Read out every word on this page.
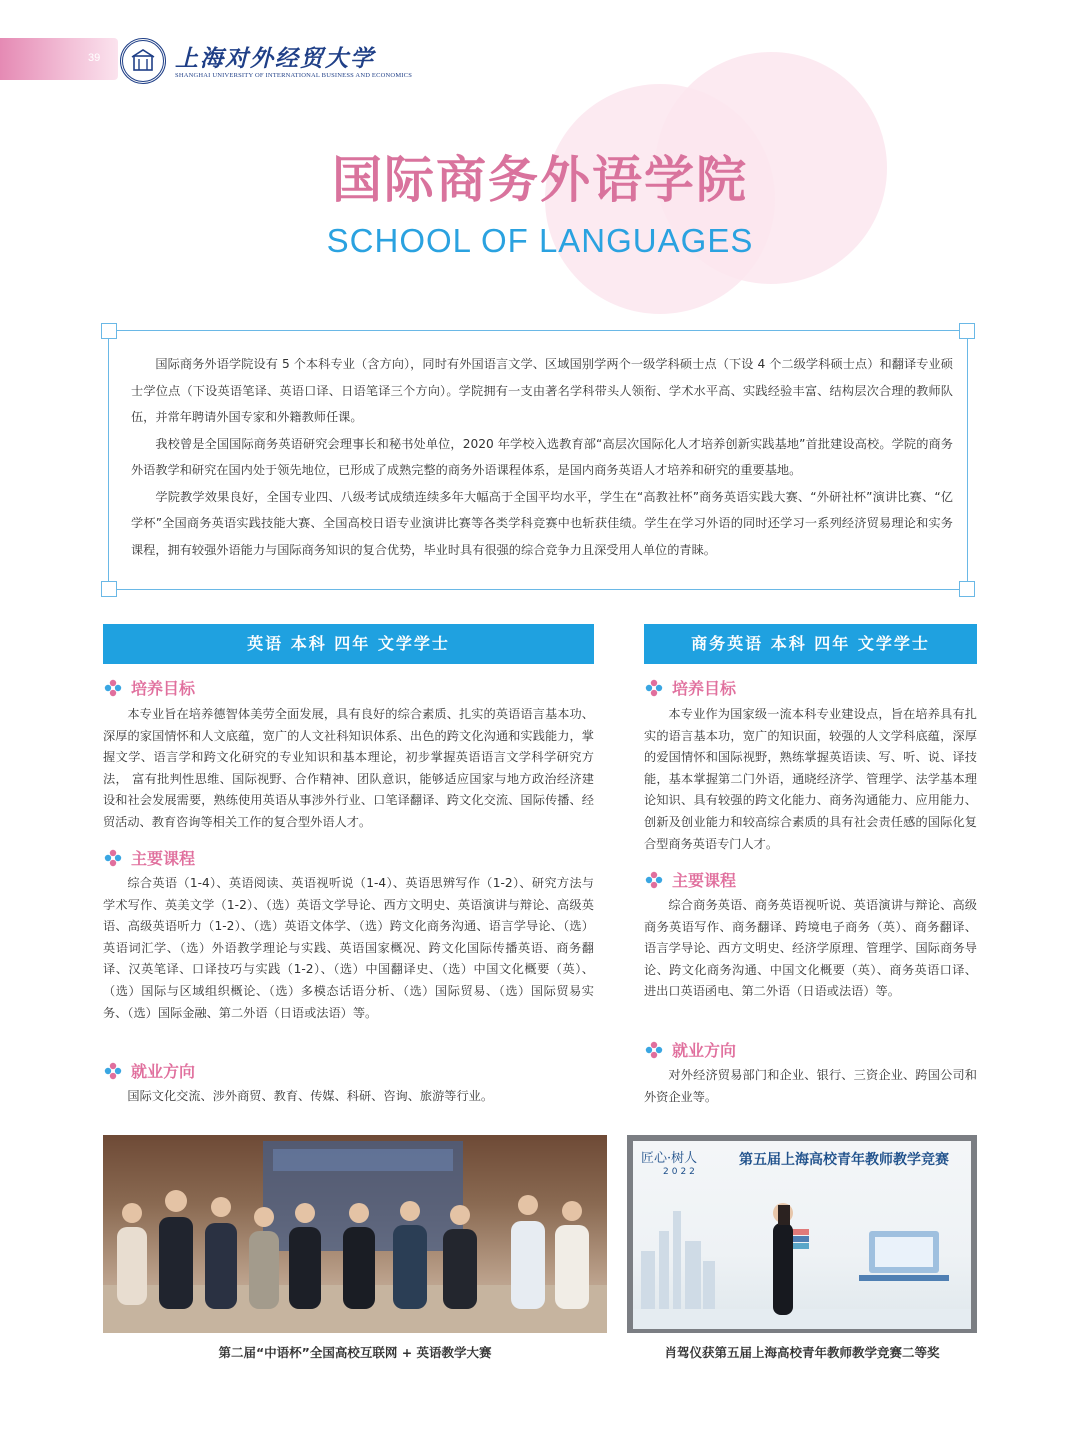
39	上海对外经贸大学
SHANGHAI UNIVERSITY OF INTERNATIONAL BUSINESS AND ECONOMICS
国际商务外语学院
SCHOOL OF LANGUAGES

国际商务外语学院设有 5 个本科专业（含方向），同时有外国语言文学、区域国别学两个一级学科硕士点（下设 4 个二级学科硕士点）和翻译专业硕士学位点（下设英语笔译、英语口译、日语笔译三个方向）。学院拥有一支由著名学科带头人领衔、学术水平高、实践经验丰富、结构层次合理的教师队伍，并常年聘请外国专家和外籍教师任课。

我校曾是全国国际商务英语研究会理事长和秘书处单位，2020 年学校入选教育部“高层次国际化人才培养创新实践基地”首批建设高校。学院的商务外语教学和研究在国内处于领先地位，已形成了成熟完整的商务外语课程体系，是国内商务英语人才培养和研究的重要基地。

学院教学效果良好，全国专业四、八级考试成绩连续多年大幅高于全国平均水平，学生在“高教社杯”商务英语实践大赛、“外研社杯”演讲比赛、“亿学杯”全国商务英语实践技能大赛、全国高校日语专业演讲比赛等各类学科竞赛中也斩获佳绩。学生在学习外语的同时还学习一系列经济贸易理论和实务课程，拥有较强外语能力与国际商务知识的复合优势，毕业时具有很强的综合竞争力且深受用人单位的青睐。

英语 本科 四年 文学学士
培养目标

本专业旨在培养德智体美劳全面发展，具有良好的综合素质、扎实的英语语言基本功、深厚的家国情怀和人文底蕴，宽广的人文社科知识体系、出色的跨文化沟通和实践能力，掌握文学、语言学和跨文化研究的专业知识和基本理论，初步掌握英语语言文学科学研究方法， 富有批判性思维、国际视野、合作精神、团队意识，能够适应国家与地方政治经济建设和社会发展需要，熟练使用英语从事涉外行业、口笔译翻译、跨文化交流、国际传播、经贸活动、教育咨询等相关工作的复合型外语人才。

主要课程

综合英语（1-4）、英语阅读、英语视听说（1-4）、英语思辨写作（1-2）、研究方法与学术写作、英美文学（1-2）、（选）英语文学导论、西方文明史、英语演讲与辩论、高级英语、高级英语听力（1-2）、（选）英语文体学、（选）跨文化商务沟通、语言学导论、（选）英语词汇学、（选）外语教学理论与实践、英语国家概况、跨文化国际传播英语、商务翻译、汉英笔译、口译技巧与实践（1-2）、（选）中国翻译史、（选）中国文化概要（英）、（选）国际与区域组织概论、（选）多模态话语分析、（选）国际贸易、（选）国际贸易实务、（选）国际金融、第二外语（日语或法语）等。

就业方向

国际文化交流、涉外商贸、教育、传媒、科研、咨询、旅游等行业。

商务英语 本科 四年 文学学士
培养目标

本专业作为国家级一流本科专业建设点，旨在培养具有扎实的语言基本功，宽广的知识面，较强的人文学科底蕴，深厚的爱国情怀和国际视野，熟练掌握英语读、写、听、说、译技能，基本掌握第二门外语，通晓经济学、管理学、法学基本理论知识、具有较强的跨文化能力、商务沟通能力、应用能力、创新及创业能力和较高综合素质的具有社会责任感的国际化复合型商务英语专门人才。

主要课程

综合商务英语、商务英语视听说、英语演讲与辩论、高级商务英语写作、商务翻译、跨境电子商务（英）、商务翻译、语言学导论、西方文明史、经济学原理、管理学、国际商务导论、跨文化商务沟通、中国文化概要（英）、商务英语口译、进出口英语函电、第二外语（日语或法语）等。

就业方向

对外经济贸易部门和企业、银行、三资企业、跨国公司和外资企业等。

第二届“中语杯”全国高校互联网 + 英语教学大赛
匠心·树人
2022
第五届上海高校青年教师教学竞赛
肖驾仪获第五届上海高校青年教师教学竞赛二等奖
